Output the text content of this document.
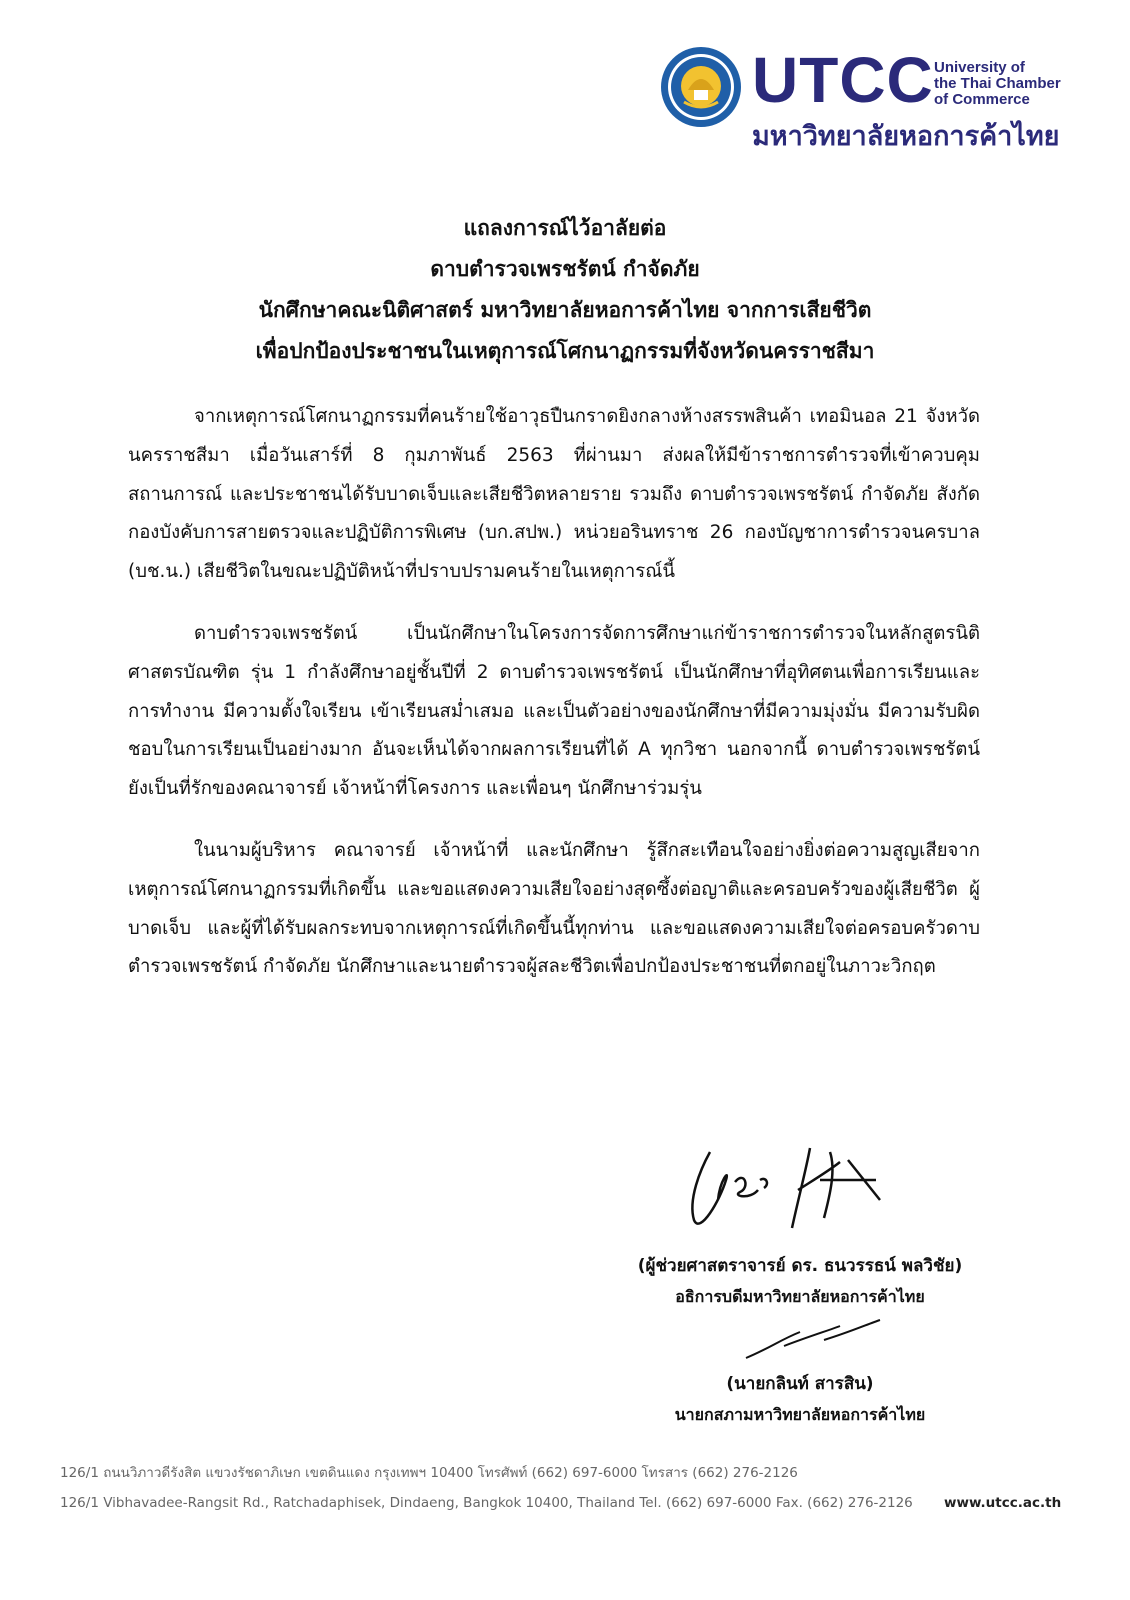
UTCC University of
the Thai Chamber
of Commerce
มหาวิทยาลัยหอการค้าไทย
แถลงการณ์ไว้อาลัยต่อ
ดาบตำรวจเพรชรัตน์ กำจัดภัย
นักศึกษาคณะนิติศาสตร์ มหาวิทยาลัยหอการค้าไทย จากการเสียชีวิต
เพื่อปกป้องประชาชนในเหตุการณ์โศกนาฏกรรมที่จังหวัดนครราชสีมา

จากเหตุการณ์โศกนาฏกรรมที่คนร้ายใช้อาวุธปืนกราดยิงกลางห้างสรรพสินค้า เทอมินอล 21 จังหวัดนครราชสีมา เมื่อวันเสาร์ที่ 8 กุมภาพันธ์ 2563 ที่ผ่านมา ส่งผลให้มีข้าราชการตำรวจที่เข้าควบคุมสถานการณ์ และประชาชนได้รับบาดเจ็บและเสียชีวิตหลายราย รวมถึง ดาบตำรวจเพรชรัตน์ กำจัดภัย สังกัดกองบังคับการสายตรวจและปฏิบัติการพิเศษ (บก.สปพ.) หน่วยอรินทราช 26 กองบัญชาการตำรวจนครบาล (บช.น.) เสียชีวิตในขณะปฏิบัติหน้าที่ปราบปรามคนร้ายในเหตุการณ์นี้

ดาบตำรวจเพรชรัตน์ เป็นนักศึกษาในโครงการจัดการศึกษาแก่ข้าราชการตำรวจในหลักสูตรนิติศาสตรบัณฑิต รุ่น 1 กำลังศึกษาอยู่ชั้นปีที่ 2 ดาบตำรวจเพรชรัตน์ เป็นนักศึกษาที่อุทิศตนเพื่อการเรียนและการทำงาน มีความตั้งใจเรียน เข้าเรียนสม่ำเสมอ และเป็นตัวอย่างของนักศึกษาที่มีความมุ่งมั่น มีความรับผิดชอบในการเรียนเป็นอย่างมาก อันจะเห็นได้จากผลการเรียนที่ได้ A ทุกวิชา นอกจากนี้ ดาบตำรวจเพรชรัตน์ ยังเป็นที่รักของคณาจารย์ เจ้าหน้าที่โครงการ และเพื่อนๆ นักศึกษาร่วมรุ่น

ในนามผู้บริหาร คณาจารย์ เจ้าหน้าที่ และนักศึกษา รู้สึกสะเทือนใจอย่างยิ่งต่อความสูญเสียจากเหตุการณ์โศกนาฏกรรมที่เกิดขึ้น และขอแสดงความเสียใจอย่างสุดซึ้งต่อญาติและครอบครัวของผู้เสียชีวิต ผู้บาดเจ็บ และผู้ที่ได้รับผลกระทบจากเหตุการณ์ที่เกิดขึ้นนี้ทุกท่าน และขอแสดงความเสียใจต่อครอบครัวดาบตำรวจเพรชรัตน์ กำจัดภัย นักศึกษาและนายตำรวจผู้สละชีวิตเพื่อปกป้องประชาชนที่ตกอยู่ในภาวะวิกฤต

(ผู้ช่วยศาสตราจารย์ ดร. ธนวรรธน์ พลวิชัย)
อธิการบดีมหาวิทยาลัยหอการค้าไทย
(นายกลินท์ สารสิน)
นายกสภามหาวิทยาลัยหอการค้าไทย
126/1 ถนนวิภาวดีรังสิต แขวงรัชดาภิเษก เขตดินแดง กรุงเทพฯ 10400 โทรศัพท์ (662) 697-6000 โทรสาร (662) 276-2126
126/1 Vibhavadee-Rangsit Rd., Ratchadaphisek, Dindaeng, Bangkok 10400, Thailand Tel. (662) 697-6000 Fax. (662) 276-2126 www.utcc.ac.th
